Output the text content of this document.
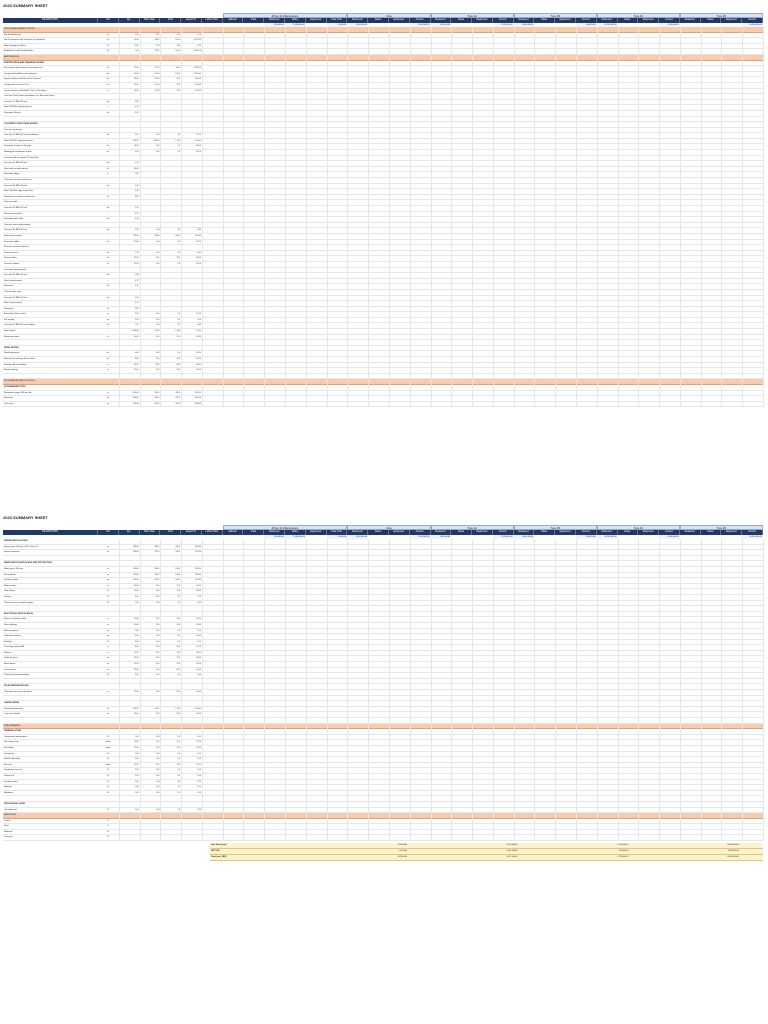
2023 SUMMARY SHEET
Prices for Maintenance	Oxia	Type 1A	Type 1B	Type 2C	Type 3D
DESCRIPTION	Unit	Qty	Plant Rate	Tools	Equip Hrs	Labour Rate	Material	Total	Measured	Rates	Equipment	Total Tools	Measured	Rates	Equipment	Amount	Measured	Rates	Equipment	Amount	Measured	Rates	Equipment	Amount	Measured	Rates	Equipment	Amount	Measured	Rates	Equipment	Amount
100,000.00	1,560,000.00	2,000,000	1,450,000.00	2,100,000.00	630,000.00	1,970,000.00	2,600,000.00	14,400,000	8,410,000.00	1,500,000.00	16,000,000.00
SITE ESTABLISHMENT WORKS
Site Establishment	LS	1.00	12.0	14.0	22.0
Site Preparation and clearance of vegetation	m2	12.00	148.0	120.0	1,374.00
Water Supply for Works	LS	3.50	2.50	3.00	8.20
Mobilisation and Demobilisation	LS	7.00	230.0	150.0	5,450.00
EARTHWORKS
EARTHWORKS AND DRAINAGE WORKS
Excavation and removal of unsuitable soil	m3	12.00	127.0	110.0	1,524.00
Compacted backfill to roll roadways	m3	25.00	51.00	132.0	1,275.00
Import and place fill G6 and G7 material	m3	14.00	24.00	18.0	336.00
Compaction of in-situ 0.1 m	m2	15.00	11.00	22.0	165.00
Open trenches and backfill 1.5m to 2.5m deep	m	14.00	14.00	17.0	196.00
Concrete Pipe/Culvert Installation (Inc. Bed and Cover)
Concrete 15 MPa/19 mm	m3	2.80
Steel 300 MPa deformed bars	t	0.14
Formwork Vertical	m2	3.20
CONCRETE STRUCTURE WORKS
Concrete structures
Concrete 25 MPa/19 mm foundations	m3	2.50	1.00	3.0	12.50
Steel 450 MPa high tensile bars	t	145.00	198.00	174.0	320.00
Formwork to sides of footings	m2	16.00	1.00	2.0	64.00
Waterproof membrane to slab	m2	5.00	1.00	5.5	32.00
Concrete slab on grade 150 mm thick
Concrete 25 MPa/19 mm	m3	2.70
Steel mesh reinforcement	m2	44.00
Formwork edges	m	7.00
Concrete columns and beams
Concrete 30 MPa/19 mm	m3	3.10
Steel 450 MPa high tensile bars	t	0.48
Formwork to columns and beams	m2	3.60
Concrete walls
Concrete 30 MPa/19 mm	m3	2.30
Steel reinforcement	t	0.22
Formwork both sides	m2	3.10
Concrete stairs and landings
Concrete 30 MPa/19 mm	m3	1.30	1.00	2.0	8.00
Steel reinforcement	t	135.00	148.0	162.0	160.00
Formwork soffits	m2	11.00	1.00	2.0	22.00
Precast concrete elements
Precast beams	no	1.30	1.00	2.0	8.00
Precast slabs	m2	20.00	16.0	18.0	30.00
Precast columns	no	11.00	1.00	2.0	22.00
Concrete retaining walls
Concrete 30 MPa/19 mm	m3	2.80
Steel reinforcement	t	0.12
Formwork	m2	3.10
Concrete pile caps
Concrete 35 MPa/19 mm	m3	2.90
Steel reinforcement	t	0.13
Formwork	m2	2.60
Bored piles 600 mm dia	m	3.00	4.00	5.0	12.00
Pile testing	no	1.00	1.00	1.0	1.00
Concrete 25 MPa/19 mm blinding	m3	1.20	1.00	2.0	8.00
Steel dowels	t	1,100.00	1,300	1,500	1,700
Expansion joints	m	14.00	13.0	15.0	18.00
ROAD WORKS
Road layerworks	m2	3.00	4.00	5.0	12.00
Bituminous surfacing 40 mm thick	m2	8.00	11.0	14.0	45.00
Kerbing and channelling	m	34.00	38.0	48.0	78.00
Road markings	m	11.00	14.0	16.0	24.00
STORMWATER RETICULATION
STORMWATER PIPES
Stormwater pipes 300 mm dia	m	310.00	330.0	345.0	420.00
Manholes	no	640.00	690.0	720.0	830.00
Catch pits	no	230.00	260.0	290.0	340.00
2023 SUMMARY SHEET
Prices for Maintenance	Oxia	Type 1A	Type 1B	Type 2C	Type 3D
DESCRIPTION	Unit	Qty	Plant Rate	Tools	Equip Hrs	Labour Rate	Material	Total	Measured	Rates	Equipment	Total Tools	Measured	Rates	Equipment	Amount	Measured	Rates	Equipment	Amount	Measured	Rates	Equipment	Amount	Measured	Rates	Equipment	Amount	Measured	Rates	Equipment	Amount
100,000.00	1,560,000.00	2,000,000	1,450,000.00	2,100,000.00	630,000.00	1,970,000.00	2,600,000.00	14,400,000	8,410,000.00	1,500,000.00	16,000,000.00
SEWER RETICULATION
Sewer pipes 160 mm uPVC class 34	m	160.00	180.0	200.0	240.00
Sewer manholes	no	190.00	210.0	230.0	270.00
WATER RETICULATION AND FIRE PROTECTION
Water pipes 110 mm	m	130.00	140.0	150.0	180.00
Fire hydrants	no	120.00	130.0	140.0	160.00
Isolating valves	no	110.00	120.0	130.0	150.00
Water meters	no	14.00	16.0	17.0	22.00
Pipe fittings	LS	11.00	13.0	14.0	18.00
Testing	LS	3.00	4.00	5.0	7.00
Connection to municipal supply	LS	1.00	1.00	1.0	2.00
ELECTRICAL RETICULATION
Power reticulation cable	m	12.00	13.0	14.0	16.00
Street lighting	no	14.00	15.0	16.0	18.00
Mini-substation	no	1.00	1.00	1.0	1.00
Distribution kiosks	no	6.00	7.00	8.0	10.00
Earthing	LS	3.00	4.00	4.0	5.00
Trenching and backfill	m	12.00	13.0	14.0	17.00
Sleeves	m	11.00	12.0	13.0	16.00
Cable markers	no	13.00	14.0	15.0	18.00
Meter boxes	no	11.00	12.0	13.0	15.00
Connections	no	14.00	15.0	16.0	19.00
Testing and commissioning	LS	2.00	2.00	2.0	3.00
TELECOMMUNICATIONS
Telecoms ducts and chambers	m	12.00	13.0	14.0	16.00
LANDSCAPING
Topsoil and grassing	m2	150.00	160.0	170.0	200.00
Trees and shrubs	no	13.00	14.0	15.0	18.00
PRELIMINARIES
GENERAL ITEMS
Contractual requirements	LS	1.00	1.00	1.0	1.00
Site supervision	month	12.00	12.0	12.0	12.00
Site offices	month	12.00	12.0	12.0	12.00
Insurances	LS	1.00	1.00	1.0	1.00
Health and safety	LS	1.00	1.00	1.0	1.00
Security	month	12.00	12.0	12.0	12.00
Temporary services	LS	1.00	1.00	1.0	1.00
Setting out	LS	1.00	1.00	1.0	1.00
Quality control	LS	1.00	1.00	1.0	1.00
Signage	LS	1.00	1.00	1.0	1.00
Handover	LS	1.00	1.00	1.0	1.00
PROVISIONAL SUMS
Contingencies	LS	1.00	1.00	1.0	1.00
DAYWORKS
Labour	hr
Plant	hr
Materials	LS
Transport	LS
Sub Total (excl)	14,400,000	8,410,000.00	1,500,000.00	16,000,000.00
VAT 15%	2,160,000	1,261,500.00	225,000.00	2,400,000.00
Total (incl. VAT)	16,560,000	9,671,500.00	1,725,000.00	18,400,000.00
